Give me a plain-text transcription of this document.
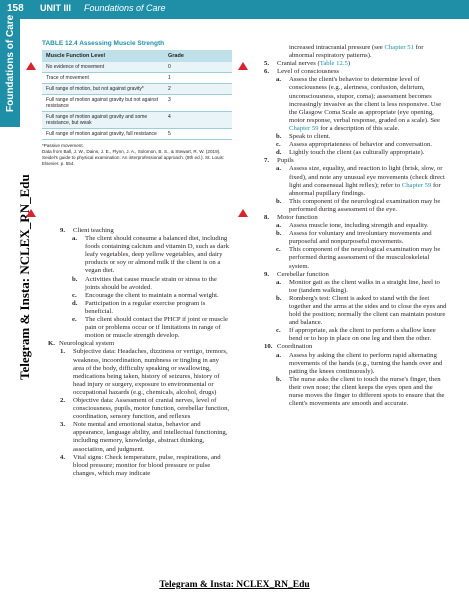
158 UNIT III Foundations of Care
Foundations of Care
Telegram & Insta: NCLEX_RN_Edu
TABLE 12.4 Assessing Muscle Strength
Muscle Function Level	Grade
No evidence of movement	0
Trace of movement	1
Full range of motion, but not against gravity*	2
Full range of motion against gravity but not against resistance	3
Full range of motion against gravity and some resistance, but weak	4
Full range of motion against gravity, full resistance	5
*Passive movement.
Data from Ball, J. W., Dains, J. E., Flynn, J. A., Solomon, B. S., & Stewart, R. W. (2019). Seidel's guide to physical examination: An interprofessional approach. (9th ed.). St. Louis: Elsevier. p. 554.
9. Client teaching
a. The client should consume a balanced diet, including foods containing calcium and vitamin D, such as dark leafy vegetables, deep yellow vegetables, and dairy products or soy or almond milk if the client is on a vegan diet.
b. Activities that cause muscle strain or stress to the joints should be avoided.
c. Encourage the client to maintain a normal weight.
d. Participation in a regular exercise program is beneficial.
e. The client should contact the PHCP if joint or muscle pain or problems occur or if limitations in range of motion or muscle strength develop.
K. Neurological system
1. Subjective data: Headaches, dizziness or vertigo, tremors, weakness, incoordination, numbness or tingling in any area of the body, difficulty speaking or swallowing, medications being taken, history of seizures, history of head injury or surgery, exposure to environmental or occupational hazards (e.g., chemicals, alcohol, drugs)
2. Objective data: Assessment of cranial nerves, level of consciousness, pupils, motor function, cerebellar function, coordination, sensory function, and reflexes
3. Note mental and emotional status, behavior and appearance, language ability, and intellectual functioning, including memory, knowledge, abstract thinking, association, and judgment.
4. Vital signs: Check temperature, pulse, respirations, and blood pressure; monitor for blood pressure or pulse changes, which may indicate
increased intracranial pressure (see Chapter 51 for abnormal respiratory patterns).
5. Cranial nerves (Table 12.5)
6. Level of consciousness
a. Assess the client's behavior to determine level of consciousness (e.g., alertness, confusion, delirium, unconsciousness, stupor, coma); assessment becomes increasingly invasive as the client is less responsive. Use the Glasgow Coma Scale as appropriate (eye opening, motor response, verbal response, graded on a scale). See Chapter 59 for a description of this scale.
b. Speak to client.
c. Assess appropriateness of behavior and conversation.
d. Lightly touch the client (as culturally appropriate).
7. Pupils
a. Assess size, equality, and reaction to light (brisk, slow, or fixed), and note any unusual eye movements (check direct light and consensual light reflex); refer to Chapter 59 for abnormal pupillary findings.
b. This component of the neurological examination may be performed during assessment of the eye.
8. Motor function
a. Assess muscle tone, including strength and equality.
b. Assess for voluntary and involuntary movements and purposeful and nonpurposeful movements.
c. This component of the neurological examination may be performed during assessment of the musculoskeletal system.
9. Cerebellar function
a. Monitor gait as the client walks in a straight line, heel to toe (tandem walking).
b. Romberg's test: Client is asked to stand with the feet together and the arms at the sides and to close the eyes and hold the position; normally the client can maintain posture and balance.
c. If appropriate, ask the client to perform a shallow knee bend or to hop in place on one leg and then the other.
10. Coordination
a. Assess by asking the client to perform rapid alternating movements of the hands (e.g., turning the hands over and patting the knees continuously).
b. The nurse asks the client to touch the nurse's finger, then their own nose; the client keeps the eyes open and the nurse moves the finger to different spots to ensure that the client's movements are smooth and accurate.
Telegram & Insta: NCLEX_RN_Edu
